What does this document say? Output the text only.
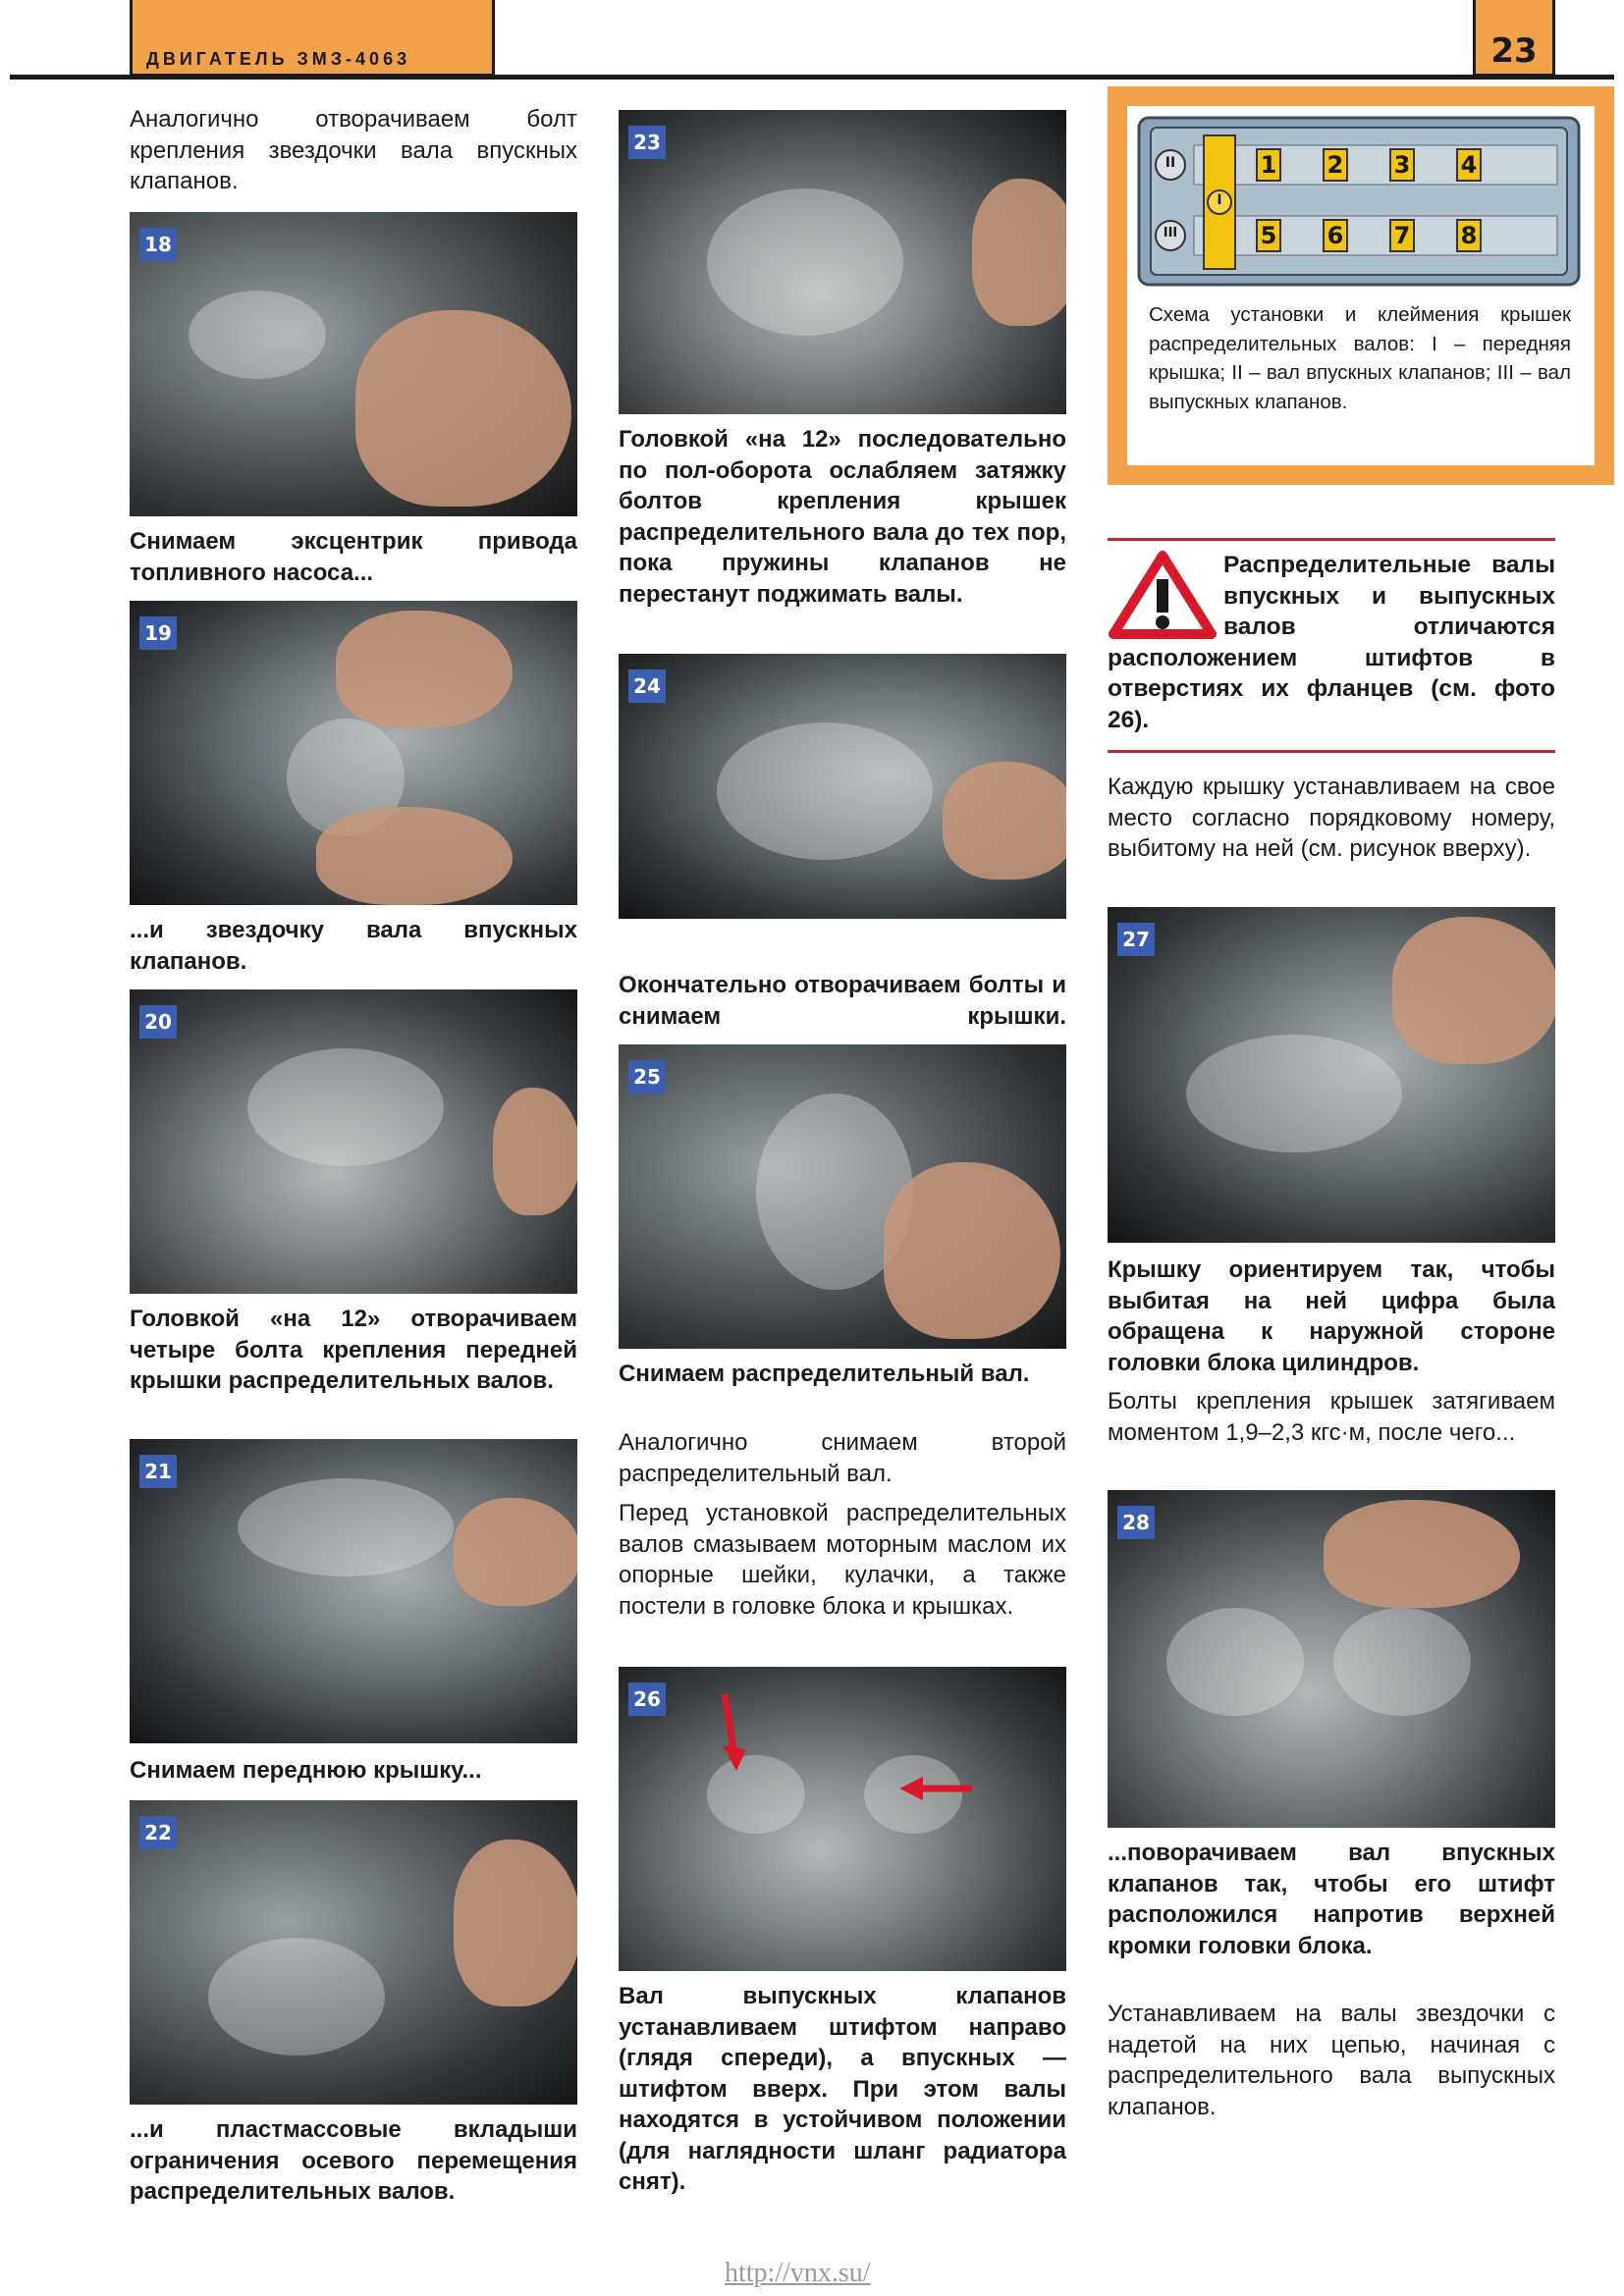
ДВИГАТЕЛЬ ЗМЗ-4063	23
Аналогично отворачиваем болт крепления звездочки вала впускных клапанов.
18
Снимаем эксцентрик привода топливного насоса...
19
...и звездочку вала впускных клапанов.
20
Головкой «на 12» отворачиваем четыре болта крепления передней крышки распределительных валов.
21
Снимаем переднюю крышку...
22
...и пластмассовые вкладыши ограничения осевого перемещения распределительных валов.
23
Головкой «на 12» последовательно по пол-оборота ослабляем затяжку болтов крепления крышек распределительного вала до тех пор, пока пружины клапанов не перестанут поджимать валы.
24
Окончательно отворачиваем болты и снимаем крышки.
25
Снимаем распределительный вал.
Аналогично снимаем второй распределительный вал.
Перед установкой распределительных валов смазываем моторным маслом их опорные шейки, кулачки, а также постели в головке блока и крышках.
26
Вал выпускных клапанов устанавливаем штифтом направо (глядя спереди), а впускных — штифтом вверх. При этом валы находятся в устойчивом положении (для наглядности шланг радиатора снят).
II
III
I
1 2 3 4
5 6 7 8
Схема установки и клеймения крышек распределительных валов: I – передняя крышка; II – вал впускных клапанов; III – вал выпускных клапанов.
Распределительные валы впускных и выпускных валов отличаются расположением штифтов в отверстиях их фланцев (см. фото 26).
Каждую крышку устанавливаем на свое место согласно порядковому номеру, выбитому на ней (см. рисунок вверху).
27
Крышку ориентируем так, чтобы выбитая на ней цифра была обращена к наружной стороне головки блока цилиндров.
Болты крепления крышек затягиваем моментом 1,9–2,3 кгс·м, после чего...
28
...поворачиваем вал впускных клапанов так, чтобы его штифт расположился напротив верхней кромки головки блока.
Устанавливаем на валы звездочки с надетой на них цепью, начиная с распределительного вала выпускных клапанов.
http://vnx.su/
